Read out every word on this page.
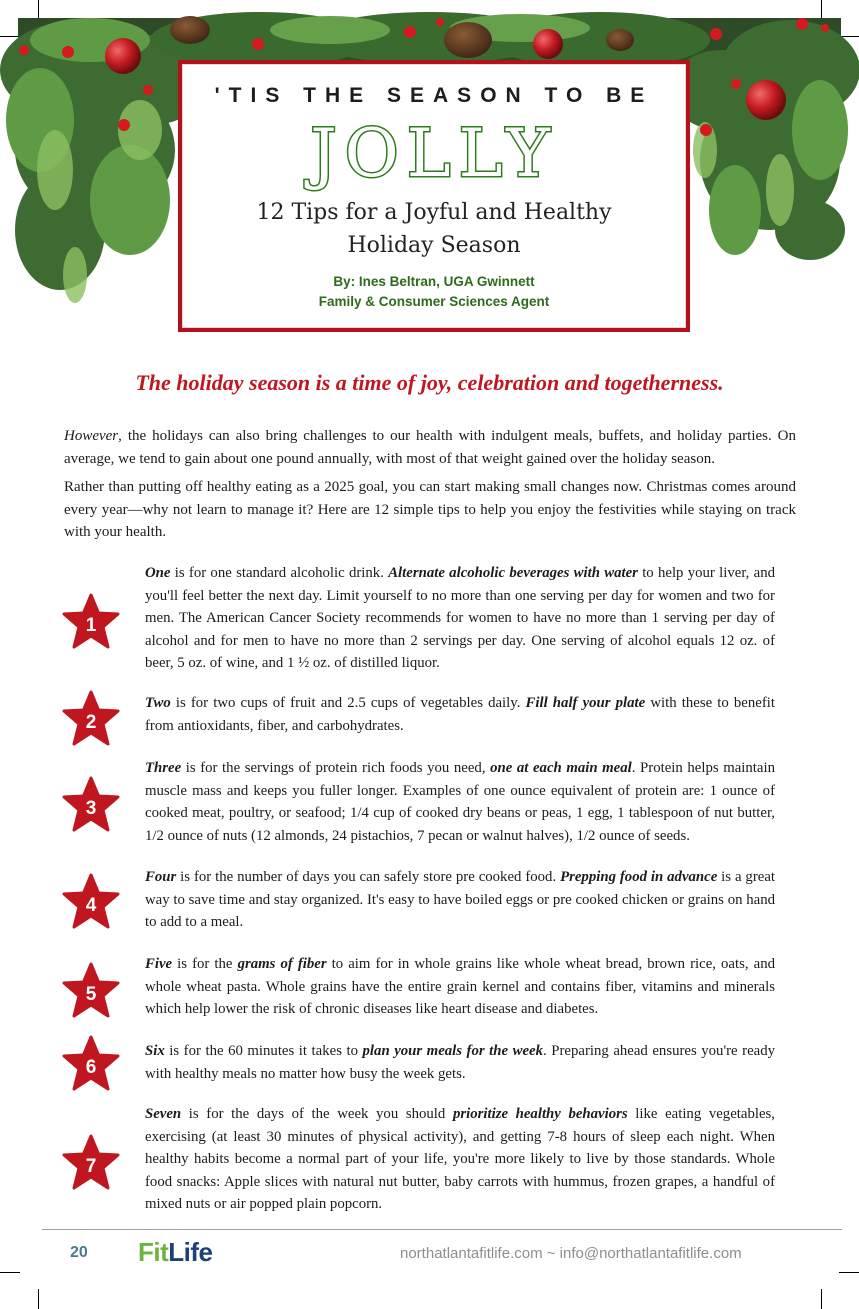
'TIS THE SEASON TO BE
JOLLY
12 Tips for a Joyful and Healthy
Holiday Season
By: Ines Beltran, UGA Gwinnett
Family & Consumer Sciences Agent
The holiday season is a time of joy, celebration and togetherness.

However, the holidays can also bring challenges to our health with indulgent meals, buffets, and holiday parties. On average, we tend to gain about one pound annually, with most of that weight gained over the holiday season.

Rather than putting off healthy eating as a 2025 goal, you can start making small changes now. Christmas comes around every year—why not learn to manage it? Here are 12 simple tips to help you enjoy the festivities while staying on track with your health.

1

One is for one standard alcoholic drink. Alternate alcoholic beverages with water to help your liver, and you'll feel better the next day. Limit yourself to no more than one serving per day for women and two for men. The American Cancer Society recommends for women to have no more than 1 serving per day of alcohol and for men to have no more than 2 servings per day. One serving of alcohol equals 12 oz. of beer, 5 oz. of wine, and 1 ½ oz. of distilled liquor.

2

Two is for two cups of fruit and 2.5 cups of vegetables daily. Fill half your plate with these to benefit from antioxidants, fiber, and carbohydrates.

3

Three is for the servings of protein rich foods you need, one at each main meal. Protein helps maintain muscle mass and keeps you fuller longer. Examples of one ounce equivalent of protein are: 1 ounce of cooked meat, poultry, or seafood; 1/4 cup of cooked dry beans or peas, 1 egg, 1 tablespoon of nut butter, 1/2 ounce of nuts (12 almonds, 24 pistachios, 7 pecan or walnut halves), 1/2 ounce of seeds.

4

Four is for the number of days you can safely store pre cooked food. Prepping food in advance is a great way to save time and stay organized. It's easy to have boiled eggs or pre cooked chicken or grains on hand to add to a meal.

5

Five is for the grams of fiber to aim for in whole grains like whole wheat bread, brown rice, oats, and whole wheat pasta. Whole grains have the entire grain kernel and contains fiber, vitamins and minerals which help lower the risk of chronic diseases like heart disease and diabetes.

6

Six is for the 60 minutes it takes to plan your meals for the week. Preparing ahead ensures you're ready with healthy meals no matter how busy the week gets.

7

Seven is for the days of the week you should prioritize healthy behaviors like eating vegetables, exercising (at least 30 minutes of physical activity), and getting 7-8 hours of sleep each night. When healthy habits become a normal part of your life, you're more likely to live by those standards. Whole food snacks: Apple slices with natural nut butter, baby carrots with hummus, frozen grapes, a handful of mixed nuts or air popped plain popcorn.

20 FitLife	northatlantafitlife.com ~ info@northatlantafitlife.com
